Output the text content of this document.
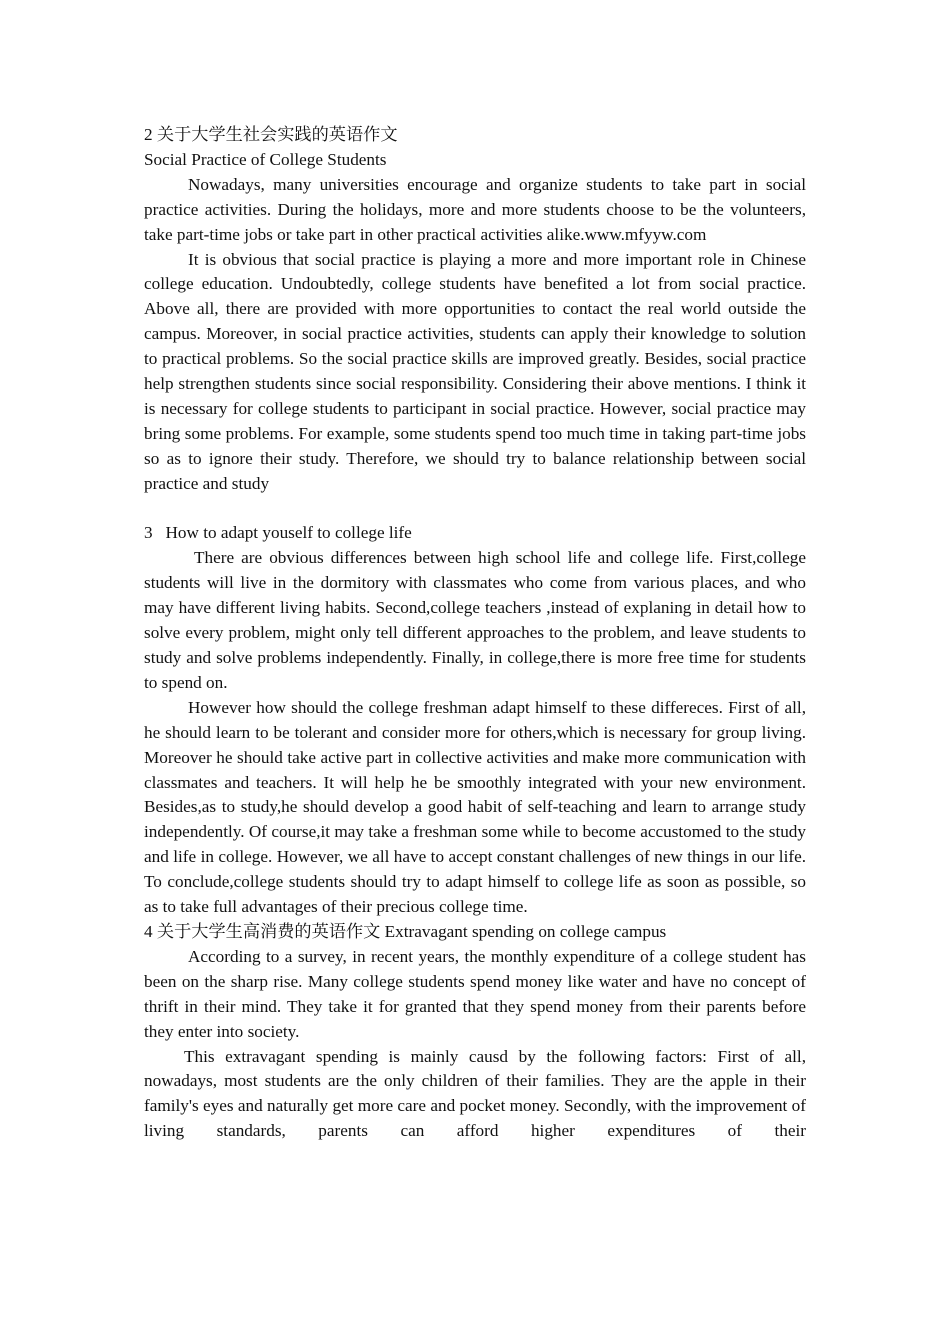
2 关于大学生社会实践的英语作文
Social Practice of College Students
Nowadays, many universities encourage and organize students to take part in social practice activities. During the holidays, more and more students choose to be the volunteers, take part-time jobs or take part in other practical activities alike.www.mfyyw.com
It is obvious that social practice is playing a more and more important role in Chinese college education. Undoubtedly, college students have benefited a lot from social practice. Above all, there are provided with more opportunities to contact the real world outside the campus. Moreover, in social practice activities, students can apply their knowledge to solution to practical problems. So the social practice skills are improved greatly. Besides, social practice help strengthen students since social responsibility. Considering their above mentions. I think it is necessary for college students to participant in social practice. However, social practice may bring some problems. For example, some students spend too much time in taking part-time jobs so as to ignore their study. Therefore, we should try to balance relationship between social practice and study
3   How to adapt youself to college life
There are obvious differences between high school life and college life. First,college students will live in the dormitory with classmates who come from various places, and who may have different living habits. Second,college teachers ,instead of explaning in detail how to solve every problem, might only tell different approaches to the problem, and leave students to study and solve problems independently. Finally, in college,there is more free time for students to spend on.
However how should the college freshman adapt himself to these differeces. First of all, he should learn to be tolerant and consider more for others,which is necessary for group living. Moreover he should take active part in collective activities and make more communication with classmates and teachers. It will help he be smoothly integrated with your new environment. Besides,as to study,he should develop a good habit of self-teaching and learn to arrange study independently. Of course,it may take a freshman some while to become accustomed to the study and life in college. However, we all have to accept constant challenges of new things in our life. To conclude,college students should try to adapt himself to college life as soon as possible, so as to take full advantages of their precious college time.
4 关于大学生高消费的英语作文 Extravagant spending on college campus
According to a survey, in recent years, the monthly expenditure of a college student has been on the sharp rise. Many college students spend money like water and have no concept of thrift in their mind. They take it for granted that they spend money from their parents before they enter into society.
This extravagant spending is mainly causd by the following factors: First of all, nowadays, most students are the only children of their families. They are the apple in their family's eyes and naturally get more care and pocket money. Secondly, with the improvement of living standards, parents can afford higher expenditures of their
